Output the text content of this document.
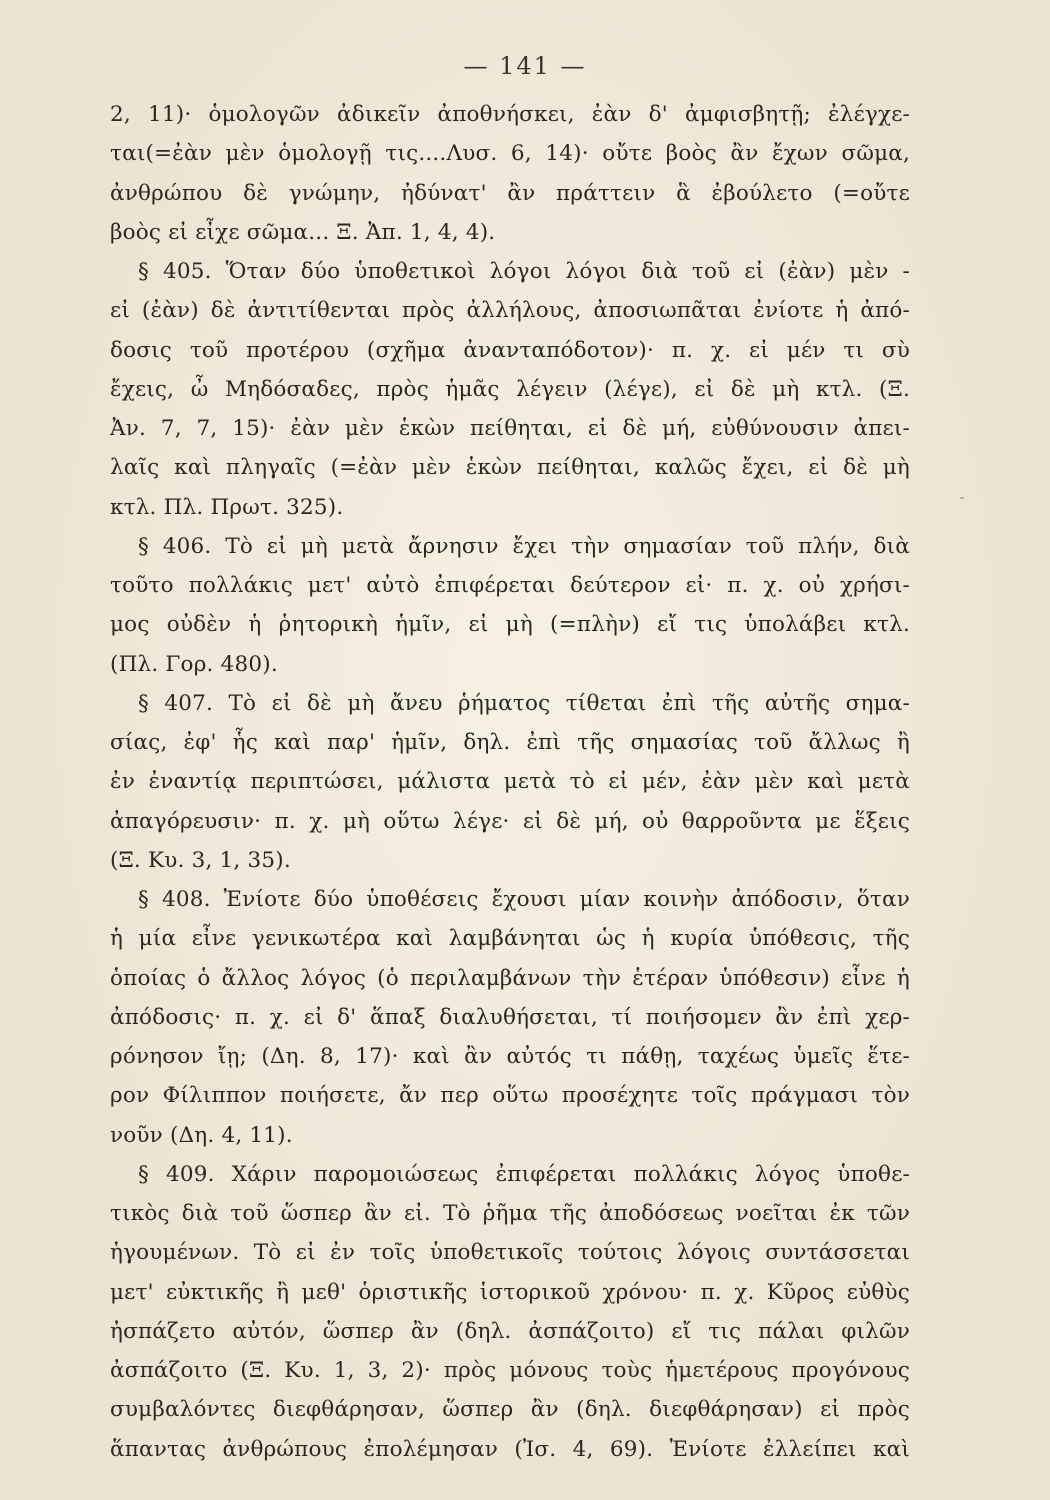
— 141 —
2, 11)· ὁμολογῶν ἀδικεῖν ἀποθνήσκει, ἐὰν δ' ἀμφισβητῇ; ἐλέγχε-
ται(=ἐὰν μὲν ὁμολογῇ τις....Λυσ. 6, 14)· οὔτε βοὸς ἂν ἔχων σῶμα,
ἀνθρώπου δὲ γνώμην, ἠδύνατ' ἂν πράττειν ἃ ἐβούλετο (=οὔτε
βοὸς εἰ εἶχε σῶμα... Ξ. Ἀπ. 1, 4, 4).
§ 405. Ὅταν δύο ὑποθετικοὶ λόγοι λόγοι διὰ τοῦ εἰ (ἐὰν) μὲν -
εἰ (ἐὰν) δὲ ἀντιτίθενται πρὸς ἀλλήλους, ἀποσιωπᾶται ἐνίοτε ἡ ἀπό-
δοσις τοῦ προτέρου (σχῆμα ἀνανταπόδοτον)· π. χ. εἰ μέν τι σὺ
ἔχεις, ὦ Μηδόσαδες, πρὸς ἡμᾶς λέγειν (λέγε), εἰ δὲ μὴ κτλ. (Ξ.
Ἀν. 7, 7, 15)· ἐὰν μὲν ἑκὼν πείθηται, εἰ δὲ μή, εὐθύνουσιν ἀπει-
λαῖς καὶ πληγαῖς (=ἐὰν μὲν ἑκὼν πείθηται, καλῶς ἔχει, εἰ δὲ μὴ
κτλ. Πλ. Πρωτ. 325).
§ 406. Τὸ εἰ μὴ μετὰ ἄρνησιν ἔχει τὴν σημασίαν τοῦ πλήν, διὰ
τοῦτο πολλάκις μετ' αὐτὸ ἐπιφέρεται δεύτερον εἰ· π. χ. οὐ χρήσι-
μος οὐδὲν ἡ ῥητορικὴ ἡμῖν, εἰ μὴ (=πλὴν) εἴ τις ὑπολάβει κτλ.
(Πλ. Γορ. 480).
§ 407. Τὸ εἰ δὲ μὴ ἄνευ ῥήματος τίθεται ἐπὶ τῆς αὐτῆς σημα-
σίας, ἐφ' ἧς καὶ παρ' ἡμῖν, δηλ. ἐπὶ τῆς σημασίας τοῦ ἄλλως ἢ
ἐν ἐναντίᾳ περιπτώσει, μάλιστα μετὰ τὸ εἰ μέν, ἐὰν μὲν καὶ μετὰ
ἀπαγόρευσιν· π. χ. μὴ οὕτω λέγε· εἰ δὲ μή, οὐ θαρροῦντα με ἕξεις
(Ξ. Κυ. 3, 1, 35).
§ 408. Ἐνίοτε δύο ὑποθέσεις ἔχουσι μίαν κοινὴν ἀπόδοσιν, ὅταν
ἡ μία εἶνε γενικωτέρα καὶ λαμβάνηται ὡς ἡ κυρία ὑπόθεσις, τῆς
ὁποίας ὁ ἄλλος λόγος (ὁ περιλαμβάνων τὴν ἑτέραν ὑπόθεσιν) εἶνε ἡ
ἀπόδοσις· π. χ. εἰ δ' ἅπαξ διαλυθήσεται, τί ποιήσομεν ἂν ἐπὶ χερ-
ρόνησον ἴῃ; (Δη. 8, 17)· καὶ ἂν αὐτός τι πάθῃ, ταχέως ὑμεῖς ἕτε-
ρον Φίλιππον ποιήσετε, ἄν περ οὕτω προσέχητε τοῖς πράγμασι τὸν
νοῦν (Δη. 4, 11).
§ 409. Χάριν παρομοιώσεως ἐπιφέρεται πολλάκις λόγος ὑποθε-
τικὸς διὰ τοῦ ὥσπερ ἂν εἰ. Τὸ ῥῆμα τῆς ἀποδόσεως νοεῖται ἐκ τῶν
ἡγουμένων. Τὸ εἰ ἐν τοῖς ὑποθετικοῖς τούτοις λόγοις συντάσσεται
μετ' εὐκτικῆς ἢ μεθ' ὁριστικῆς ἱστορικοῦ χρόνου· π. χ. Κῦρος εὐθὺς
ἠσπάζετο αὐτόν, ὥσπερ ἂν (δηλ. ἀσπάζοιτο) εἴ τις πάλαι φιλῶν
ἀσπάζοιτο (Ξ. Κυ. 1, 3, 2)· πρὸς μόνους τοὺς ἡμετέρους προγόνους
συμβαλόντες διεφθάρησαν, ὥσπερ ἂν (δηλ. διεφθάρησαν) εἰ πρὸς
ἅπαντας ἀνθρώπους ἐπολέμησαν (Ἰσ. 4, 69). Ἐνίοτε ἐλλείπει καὶ
